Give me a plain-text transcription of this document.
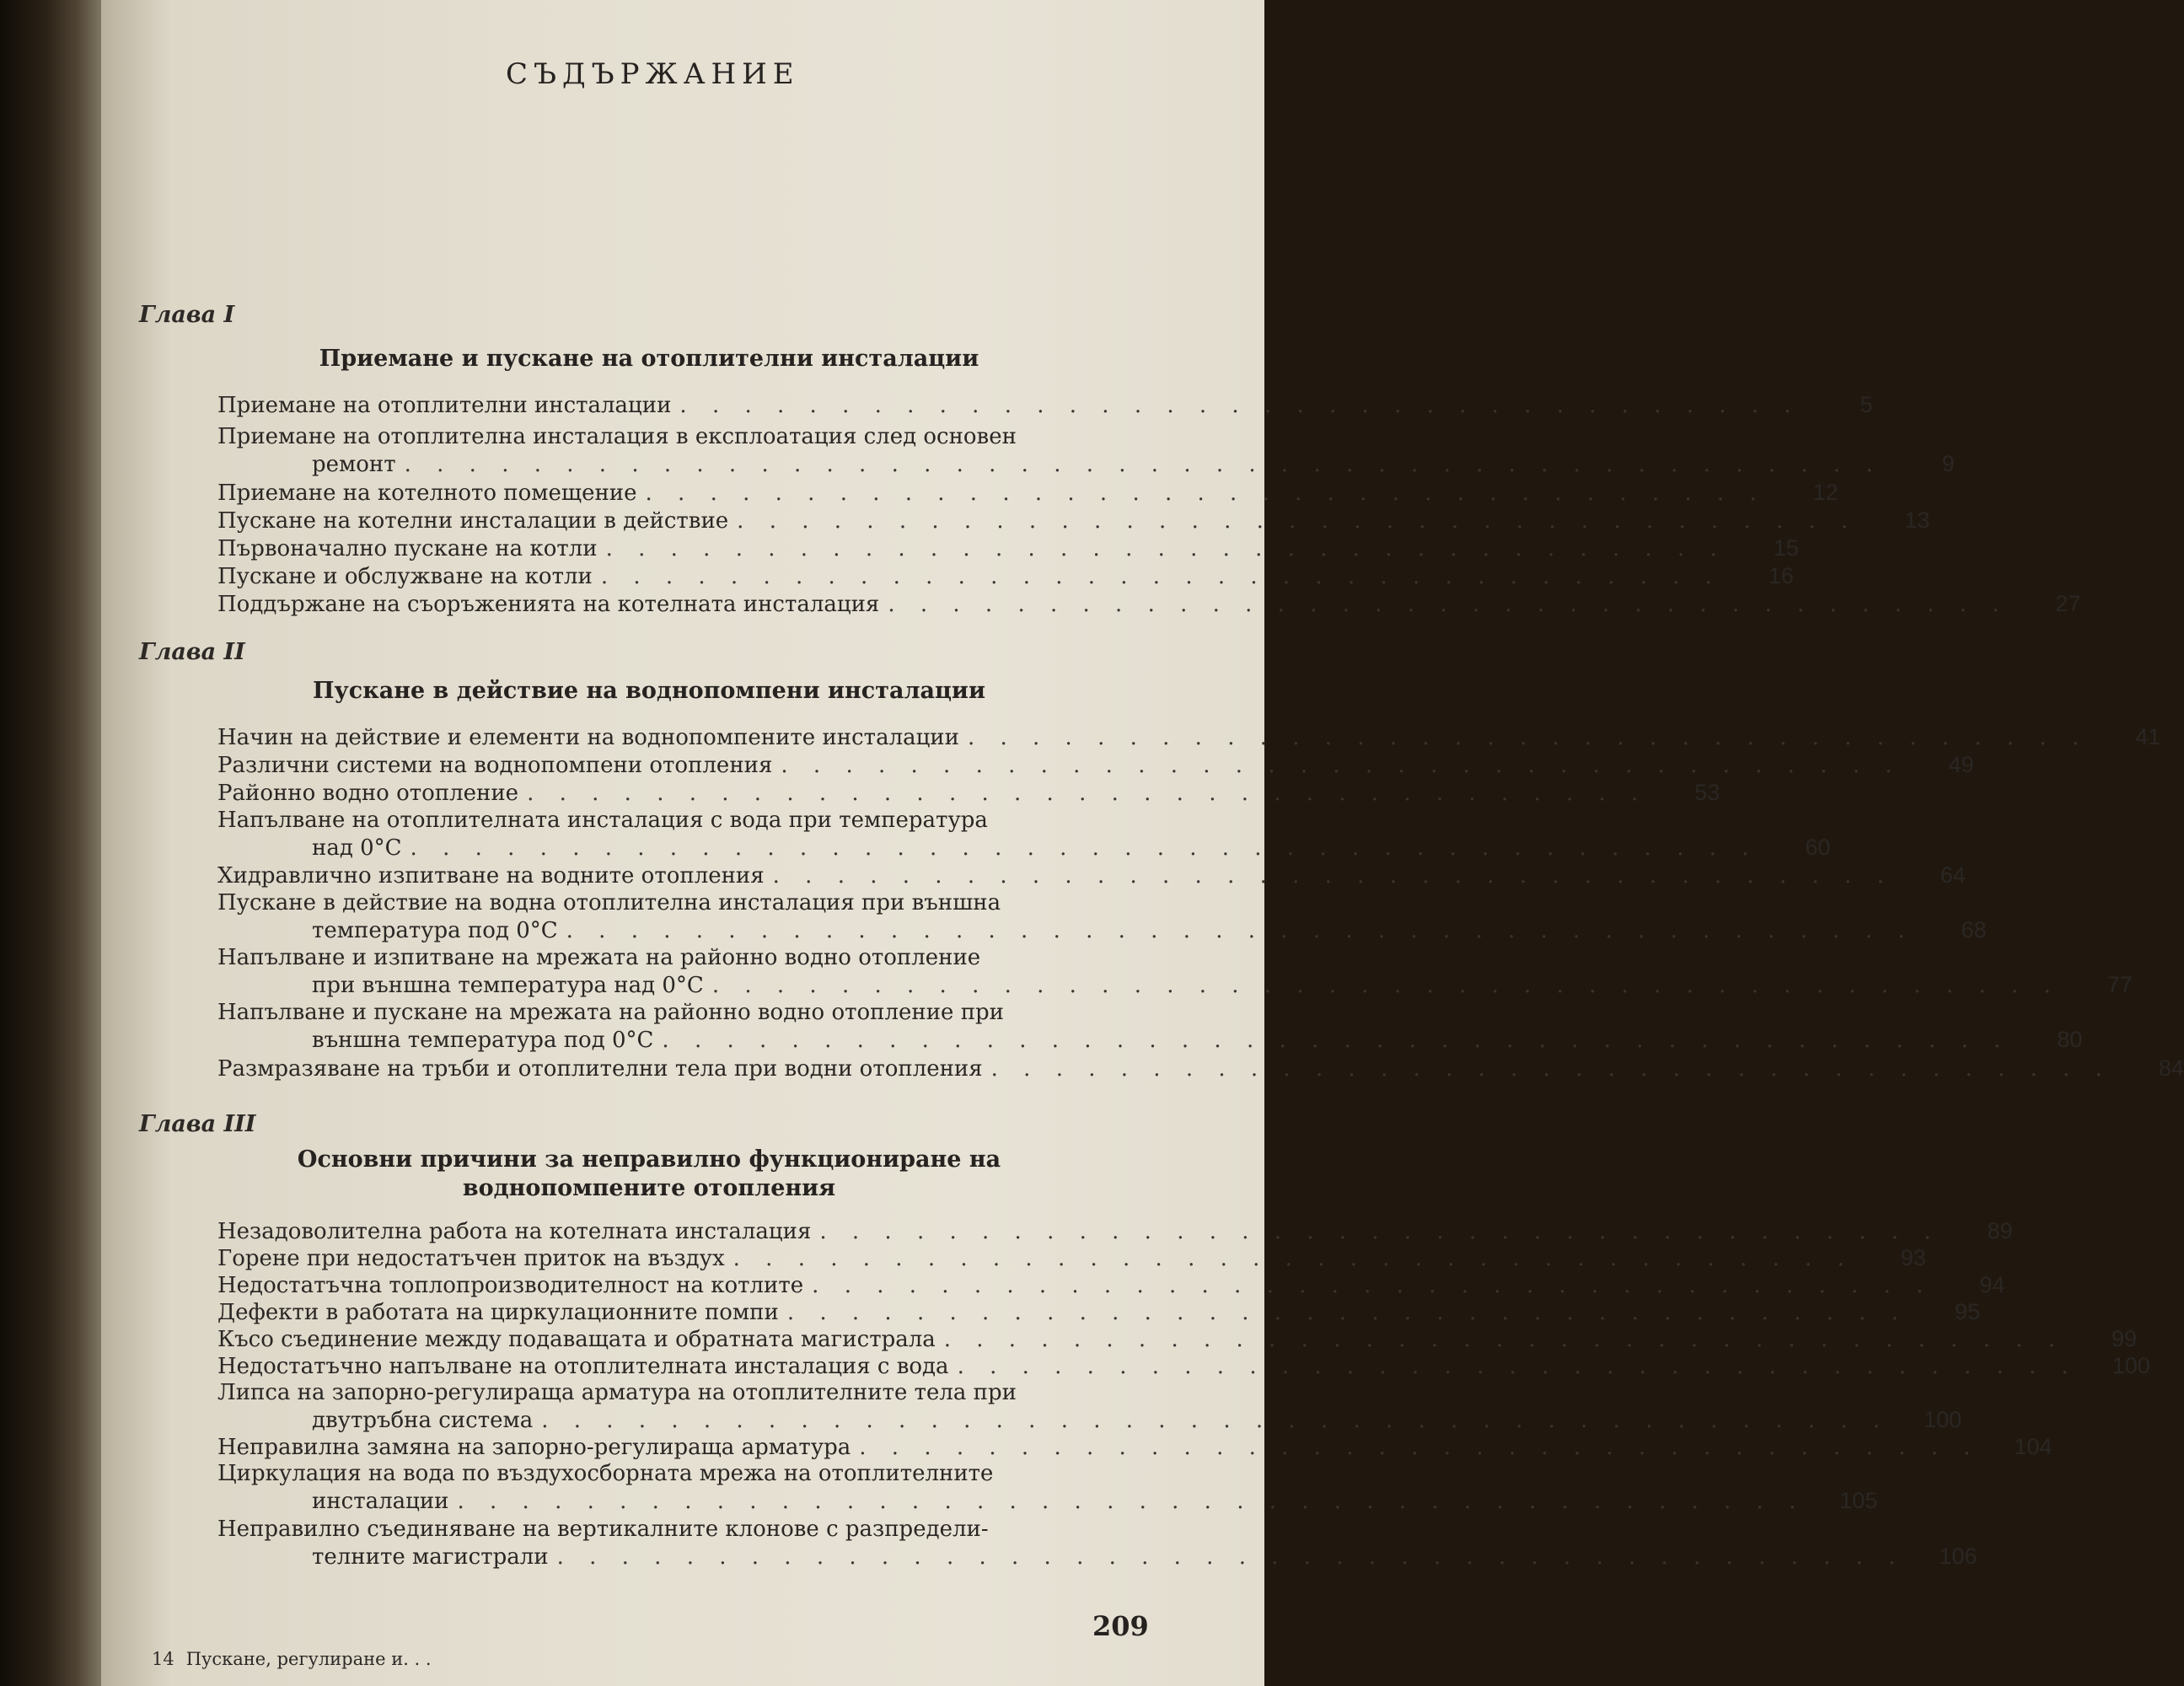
СЪДЪРЖАНИЕ
Глава I
Приемане и пускане на отоплителни инсталации
Приемане на отоплителни инсталации . . . . . . . . . . . . . . . . . . . . . . . . . . . . . . . . . . .	5
Приемане на отоплителна инсталация в експлоатация след основен
ремонт . . . . . . . . . . . . . . . . . . . . . . . . . . . . . . . . . . . . . . . . . . . . . .	9
Приемане на котелното помещение . . . . . . . . . . . . . . . . . . . . . . . . . . . . . . . . . . .	12
Пускане на котелни инсталации в действие . . . . . . . . . . . . . . . . . . . . . . . . . . . . . . . . . . .	13
Първоначално пускане на котли . . . . . . . . . . . . . . . . . . . . . . . . . . . . . . . . . . .	15
Пускане и обслужване на котли . . . . . . . . . . . . . . . . . . . . . . . . . . . . . . . . . . .	16
Поддържане на съоръженията на котелната инсталация . . . . . . . . . . . . . . . . . . . . . . . . . . . . . . . . . . .	27
Глава II
Пускане в действие на воднопомпени инсталации
Начин на действие и елементи на воднопомпените инсталации . . . . . . . . . . . . . . . . . . . . . . . . . . . . . . . . . . .	41
Различни системи на воднопомпени отопления . . . . . . . . . . . . . . . . . . . . . . . . . . . . . . . . . . .	49
Районно водно отопление . . . . . . . . . . . . . . . . . . . . . . . . . . . . . . . . . . .	53
Напълване на отоплителната инсталация с вода при температура
над 0°С . . . . . . . . . . . . . . . . . . . . . . . . . . . . . . . . . . . . . . . . . .	60
Хидравлично изпитване на водните отопления . . . . . . . . . . . . . . . . . . . . . . . . . . . . . . . . . . .	64
Пускане в действие на водна отоплителна инсталация при външна
температура под 0°С . . . . . . . . . . . . . . . . . . . . . . . . . . . . . . . . . . . . . . . . . .	68
Напълване и изпитване на мрежата на районно водно отопление
при външна температура над 0°С . . . . . . . . . . . . . . . . . . . . . . . . . . . . . . . . . . . . . . . . . .	77
Напълване и пускане на мрежата на районно водно отопление при
външна температура под 0°С . . . . . . . . . . . . . . . . . . . . . . . . . . . . . . . . . . . . . . . . . .	80
Размразяване на тръби и отоплителни тела при водни отопления . . . . . . . . . . . . . . . . . . . . . . . . . . . . . . . . . . .	84
Глава III
Основни причини за неправилно функциониране на
воднопомпените отопления
Незадоволителна работа на котелната инсталация . . . . . . . . . . . . . . . . . . . . . . . . . . . . . . . . . . .	89
Горене при недостатъчен приток на въздух . . . . . . . . . . . . . . . . . . . . . . . . . . . . . . . . . . .	93
Недостатъчна топлопроизводителност на котлите . . . . . . . . . . . . . . . . . . . . . . . . . . . . . . . . . . .	94
Дефекти в работата на циркулационните помпи . . . . . . . . . . . . . . . . . . . . . . . . . . . . . . . . . . .	95
Късо съединение между подаващата и обратната магистрала . . . . . . . . . . . . . . . . . . . . . . . . . . . . . . . . . . .	99
Недостатъчно напълване на отоплителната инсталация с вода . . . . . . . . . . . . . . . . . . . . . . . . . . . . . . . . . . .	100
Липса на запорно-регулираща арматура на отоплителните тела при
двутръбна система . . . . . . . . . . . . . . . . . . . . . . . . . . . . . . . . . . . . . . . . . .	100
Неправилна замяна на запорно-регулираща арматура . . . . . . . . . . . . . . . . . . . . . . . . . . . . . . . . . . .	104
Циркулация на вода по въздухосборната мрежа на отоплителните
инсталации . . . . . . . . . . . . . . . . . . . . . . . . . . . . . . . . . . . . . . . . . .	105
Неправилно съединяване на вертикалните клонове с разпредели-
телните магистрали . . . . . . . . . . . . . . . . . . . . . . . . . . . . . . . . . . . . . . . . . .	106
209
14 Пускане, регулиране и. . .
